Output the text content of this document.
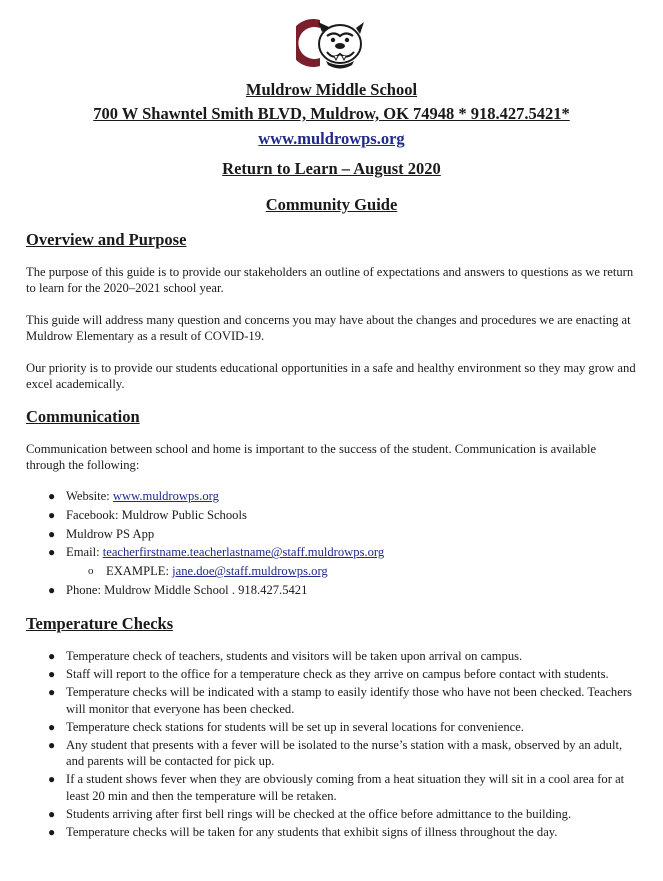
Muldrow Middle School
700 W Shawntel Smith BLVD, Muldrow, OK 74948 * 918.427.5421*
www.muldrowps.org
Return to Learn – August 2020
Community Guide
Overview and Purpose

The purpose of this guide is to provide our stakeholders an outline of expectations and answers to questions as we return to learn for the 2020–2021 school year.

This guide will address many question and concerns you may have about the changes and procedures we are enacting at Muldrow Elementary as a result of COVID-19.

Our priority is to provide our students educational opportunities in a safe and healthy environment so they may grow and excel academically.

Communication

Communication between school and home is important to the success of the student. Communication is available through the following:

● Website: www.muldrowps.org
● Facebook: Muldrow Public Schools
● Muldrow PS App
● Email: teacherfirstname.teacherlastname@staff.muldrowps.org
o EXAMPLE: jane.doe@staff.muldrowps.org
● Phone: Muldrow Middle School . 918.427.5421
Temperature Checks
● Temperature check of teachers, students and visitors will be taken upon arrival on campus.
● Staff will report to the office for a temperature check as they arrive on campus before contact with students.
● Temperature checks will be indicated with a stamp to easily identify those who have not been checked. Teachers will monitor that everyone has been checked.
● Temperature check stations for students will be set up in several locations for convenience.
● Any student that presents with a fever will be isolated to the nurse’s station with a mask, observed by an adult, and parents will be contacted for pick up.
● If a student shows fever when they are obviously coming from a heat situation they will sit in a cool area for at least 20 min and then the temperature will be retaken.
● Students arriving after first bell rings will be checked at the office before admittance to the building.
● Temperature checks will be taken for any students that exhibit signs of illness throughout the day.
